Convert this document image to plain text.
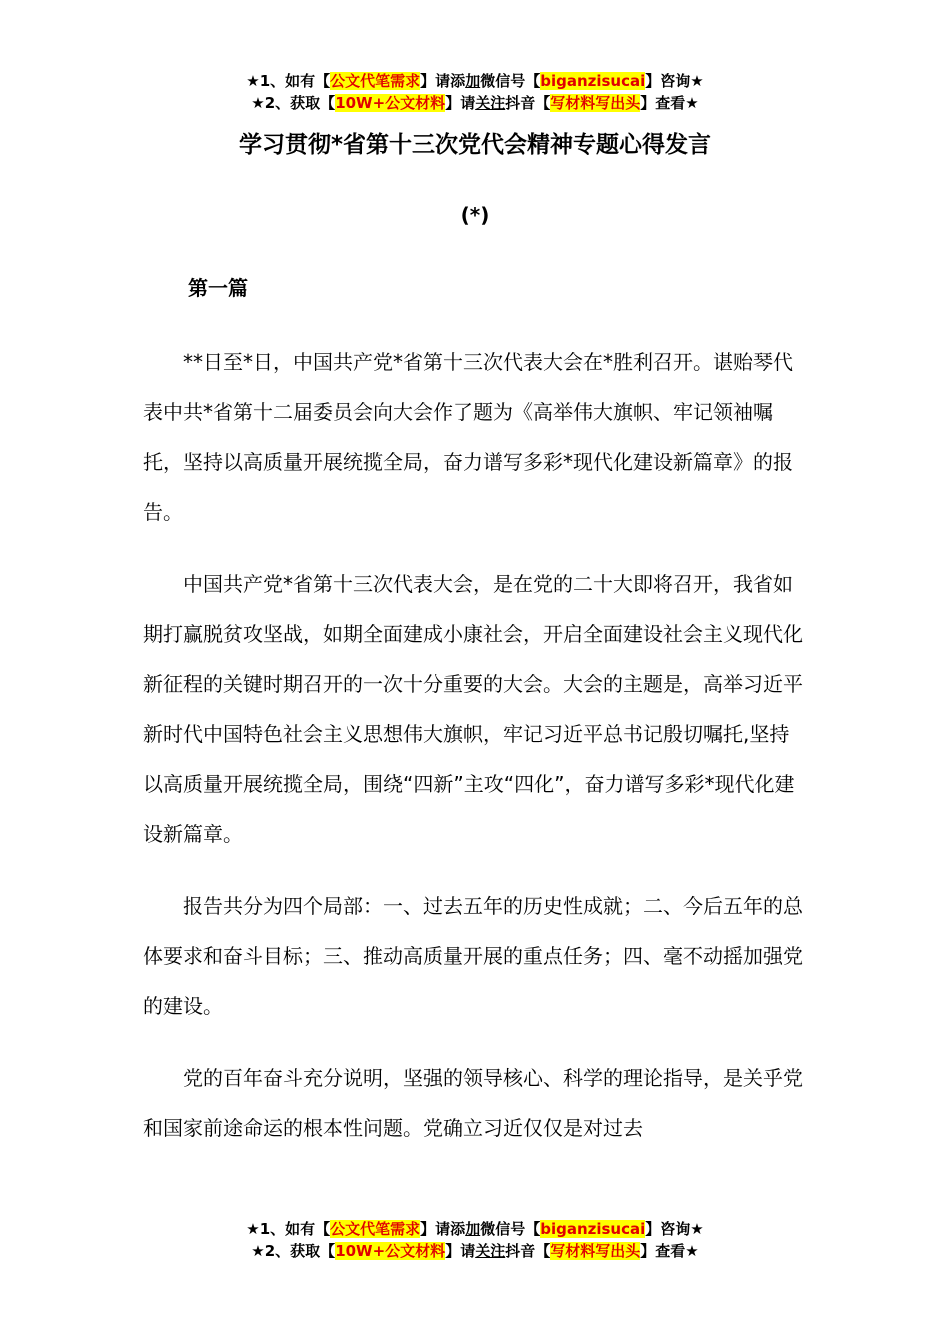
★1、如有【公文代笔需求】请添加微信号【biganzisucai】咨询★
★2、获取【10W+公文材料】请关注抖音【写材料写出头】查看★
学习贯彻*省第十三次党代会精神专题心得发言
(*)
第一篇

**日至*日，中国共产党*省第十三次代表大会在*胜利召开。谌贻琴代表中共*省第十二届委员会向大会作了题为《高举伟大旗帜、牢记领袖嘱托，坚持以高质量开展统揽全局，奋力谱写多彩*现代化建设新篇章》的报告。

中国共产党*省第十三次代表大会，是在党的二十大即将召开，我省如期打赢脱贫攻坚战，如期全面建成小康社会，开启全面建设社会主义现代化新征程的关键时期召开的一次十分重要的大会。大会的主题是，高举习近平新时代中国特色社会主义思想伟大旗帜，牢记习近平总书记殷切嘱托,坚持以高质量开展统揽全局，围绕“四新”主攻“四化”，奋力谱写多彩*现代化建设新篇章。

报告共分为四个局部：一、过去五年的历史性成就；二、今后五年的总体要求和奋斗目标；三、推动高质量开展的重点任务；四、毫不动摇加强党的建设。

党的百年奋斗充分说明，坚强的领导核心、科学的理论指导，是关乎党和国家前途命运的根本性问题。党确立习近仅仅是对过去

★1、如有【公文代笔需求】请添加微信号【biganzisucai】咨询★
★2、获取【10W+公文材料】请关注抖音【写材料写出头】查看★
